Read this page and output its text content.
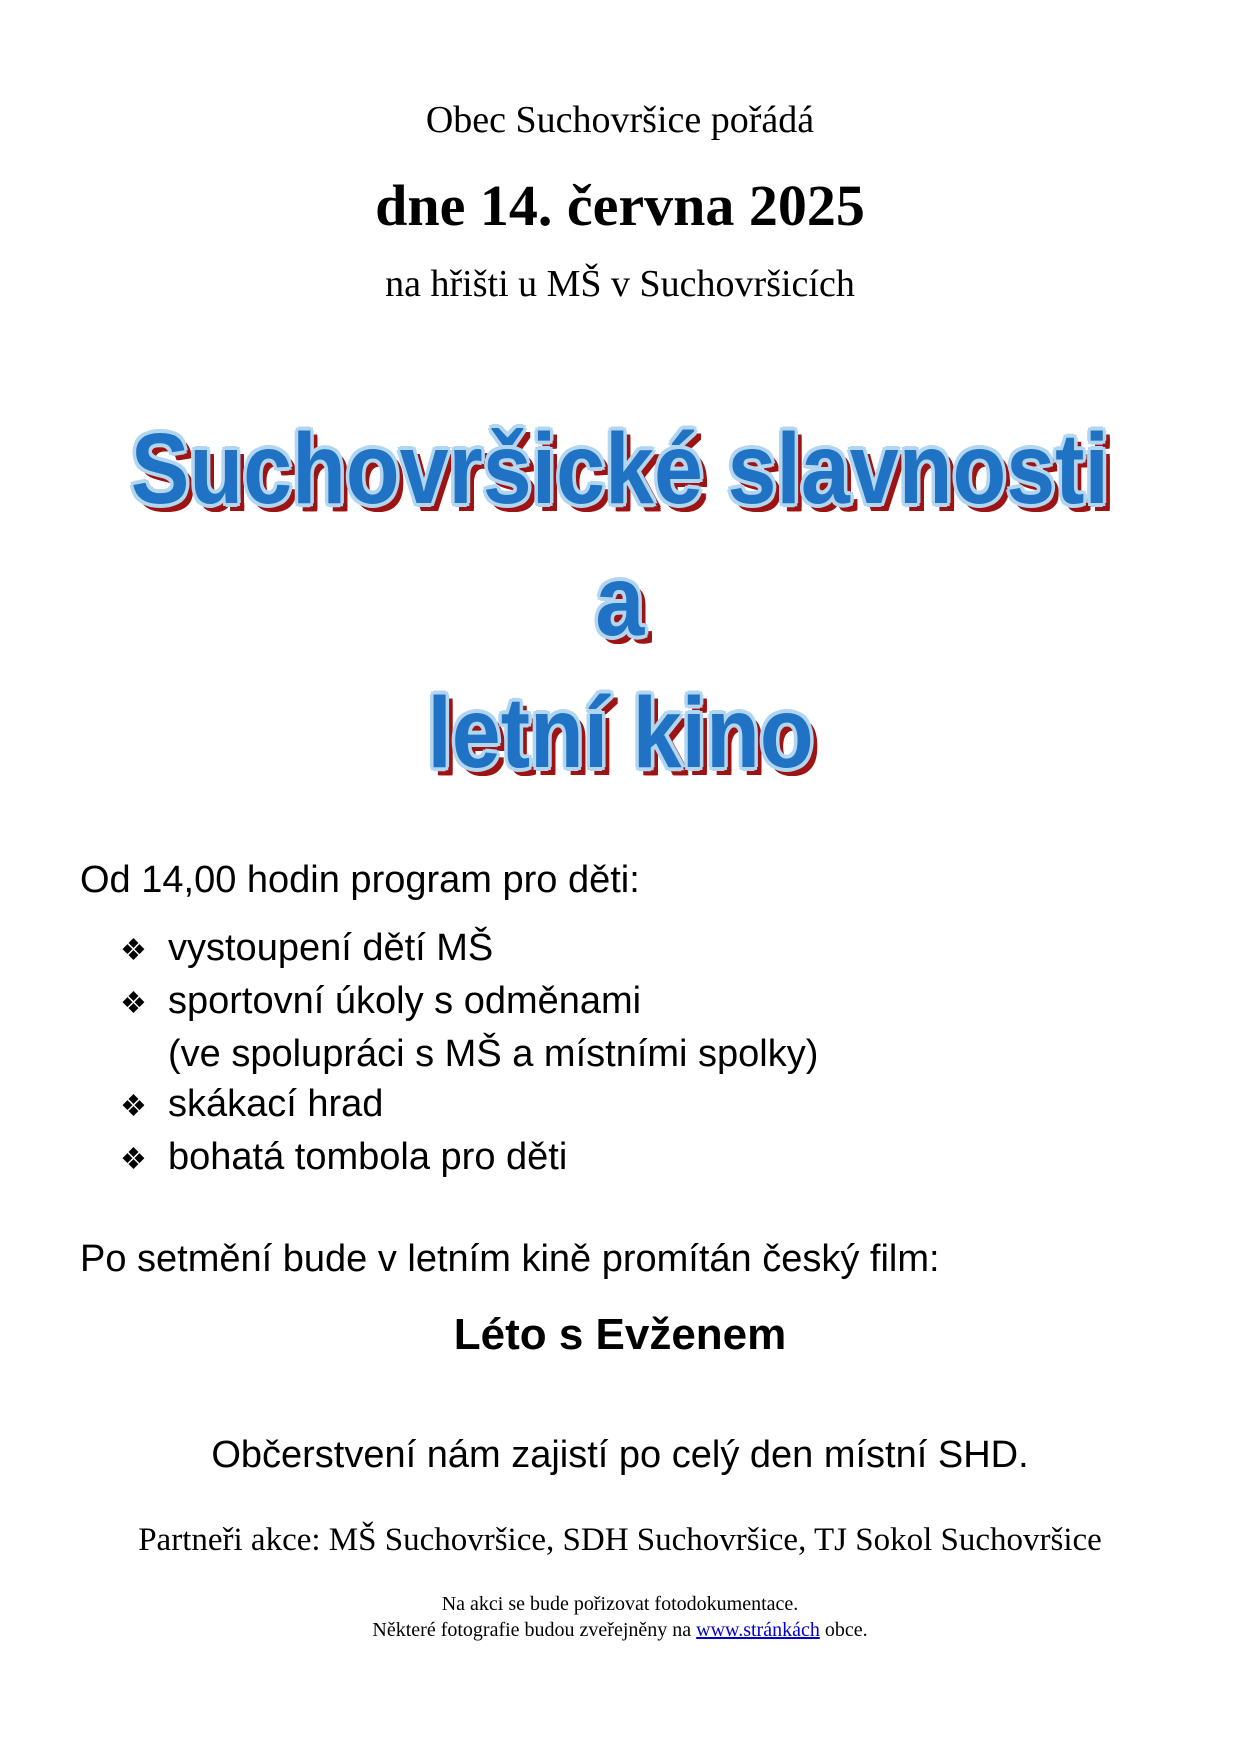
Obec Suchovršice pořádá
dne 14. června 2025
na hřišti u MŠ v Suchovršicích
Suchovršické slavnosti
a
letní kino
Od 14,00 hodin program pro děti:
❖ vystoupení dětí MŠ
❖ sportovní úkoly s odměnami
(ve spolupráci s MŠ a místními spolky)
❖ skákací hrad
❖ bohatá tombola pro děti
Po setmění bude v letním kině promítán český film:
Léto s Evženem
Občerstvení nám zajistí po celý den místní SHD.
Partneři akce: MŠ Suchovršice, SDH Suchovršice, TJ Sokol Suchovršice
Na akci se bude pořizovat fotodokumentace.
Některé fotografie budou zveřejněny na www.stránkách obce.
